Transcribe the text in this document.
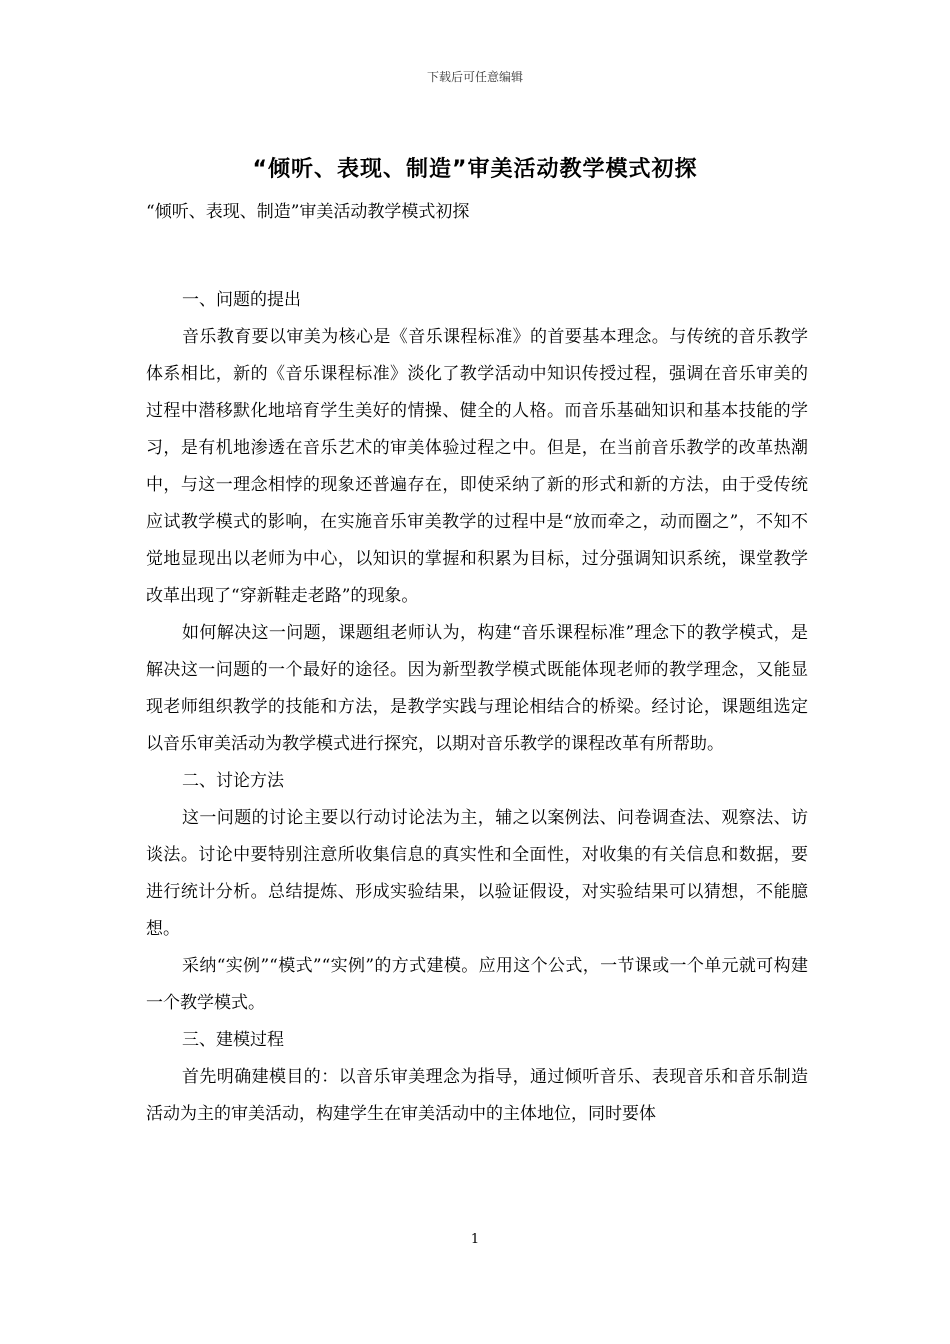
下载后可任意编辑
“倾听、表现、制造”审美活动教学模式初探

“倾听、表现、制造”审美活动教学模式初探

一、问题的提出

音乐教育要以审美为核心是《音乐课程标准》的首要基本理念。与传统的音乐教学体系相比，新的《音乐课程标准》淡化了教学活动中知识传授过程，强调在音乐审美的过程中潜移默化地培育学生美好的情操、健全的人格。而音乐基础知识和基本技能的学习，是有机地渗透在音乐艺术的审美体验过程之中。但是，在当前音乐教学的改革热潮中，与这一理念相悖的现象还普遍存在，即使采纳了新的形式和新的方法，由于受传统应试教学模式的影响，在实施音乐审美教学的过程中是“放而牵之，动而圈之”，不知不觉地显现出以老师为中心，以知识的掌握和积累为目标，过分强调知识系统，课堂教学改革出现了“穿新鞋走老路”的现象。

如何解决这一问题，课题组老师认为，构建“音乐课程标准”理念下的教学模式，是解决这一问题的一个最好的途径。因为新型教学模式既能体现老师的教学理念，又能显现老师组织教学的技能和方法，是教学实践与理论相结合的桥梁。经讨论，课题组选定以音乐审美活动为教学模式进行探究，以期对音乐教学的课程改革有所帮助。

二、讨论方法

这一问题的讨论主要以行动讨论法为主，辅之以案例法、问卷调查法、观察法、访谈法。讨论中要特别注意所收集信息的真实性和全面性，对收集的有关信息和数据，要进行统计分析。总结提炼、形成实验结果，以验证假设，对实验结果可以猜想，不能臆想。

采纳“实例”“模式”“实例”的方式建模。应用这个公式，一节课或一个单元就可构建一个教学模式。

三、建模过程

首先明确建模目的：以音乐审美理念为指导，通过倾听音乐、表现音乐和音乐制造活动为主的审美活动，构建学生在审美活动中的主体地位，同时要体

1
